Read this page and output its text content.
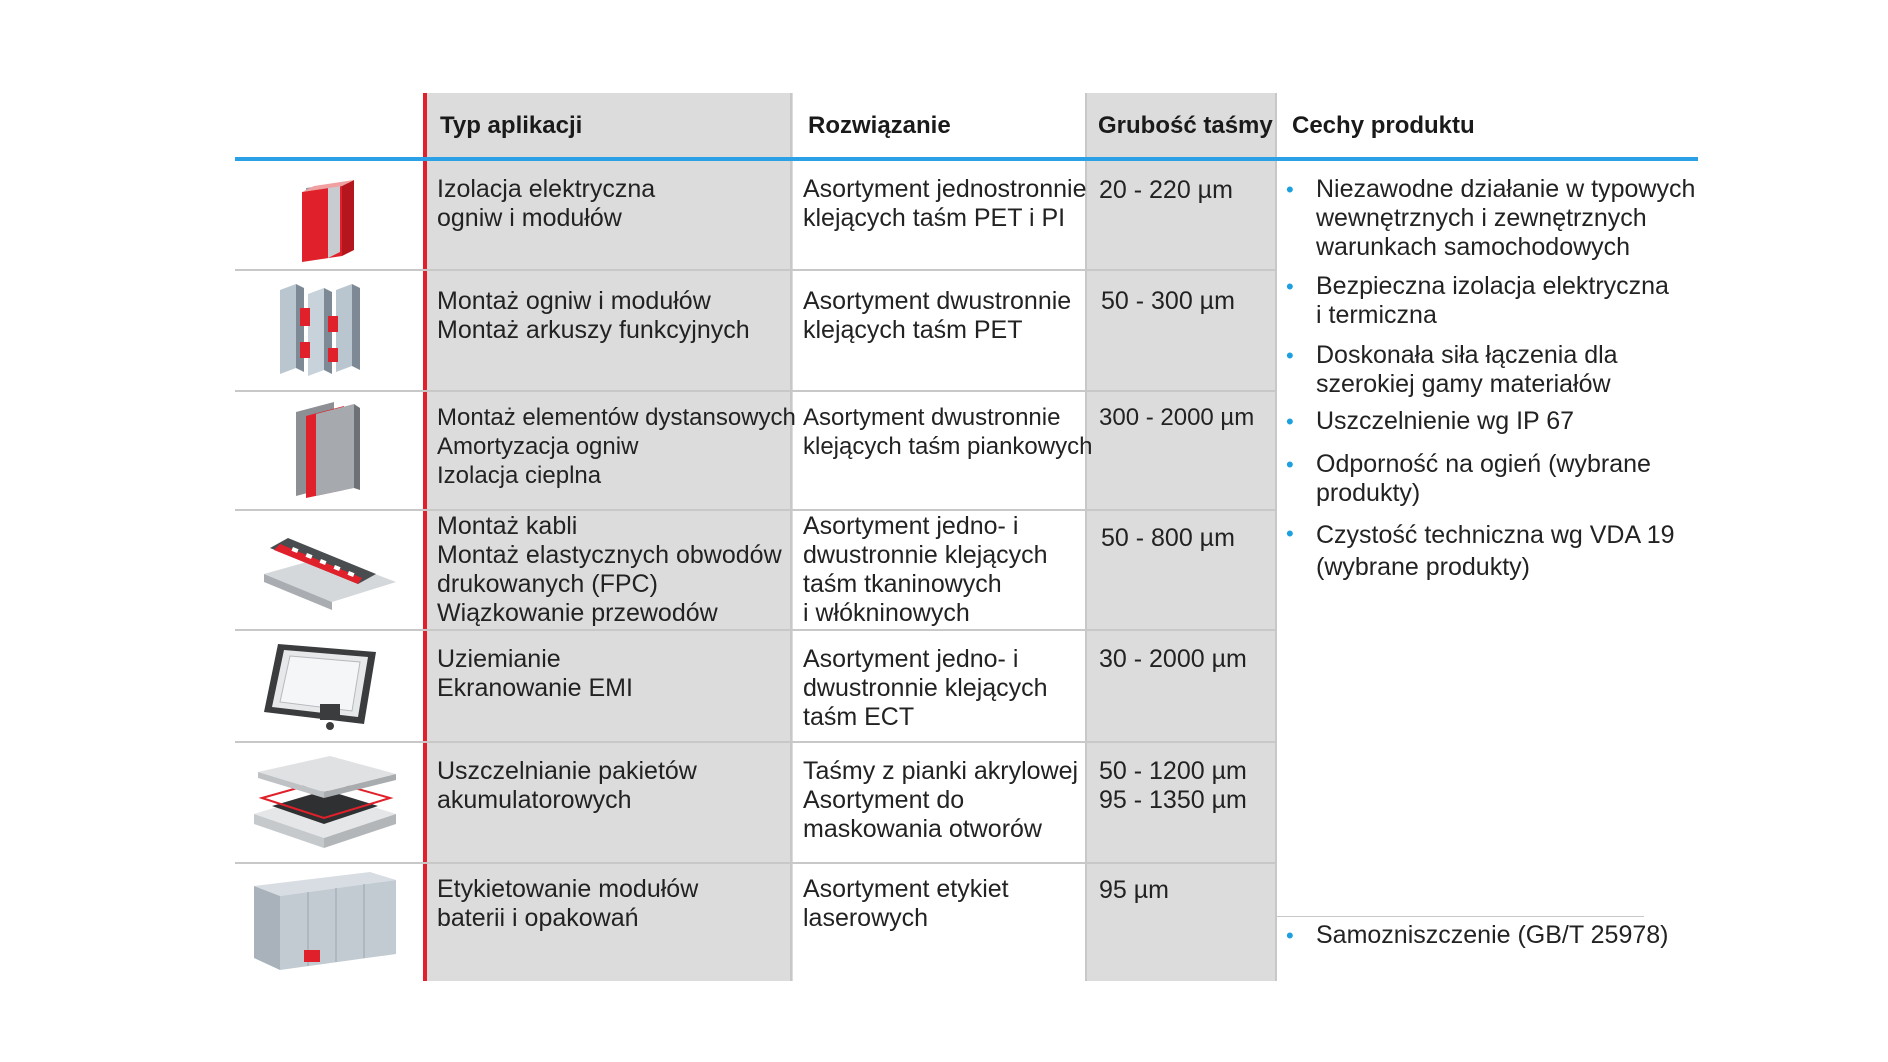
Typ aplikacji	Rozwiązanie	Grubość taśmy Cechy produktu
Izolacja elektryczna
ogniw i modułów
Asortyment jednostronnie
klejących taśm PET i PI
20 - 220 µm
Montaż ogniw i modułów
Montaż arkuszy funkcyjnych
Asortyment dwustronnie
klejących taśm PET
50 - 300 µm
Montaż elementów dystansowych
Amortyzacja ogniw
Izolacja cieplna
Asortyment dwustronnie
klejących taśm piankowych
300 - 2000 µm
Montaż kabli
Montaż elastycznych obwodów
drukowanych (FPC)
Wiązkowanie przewodów
Asortyment jedno- i
dwustronnie klejących
taśm tkaninowych
i włókninowych
50 - 800 µm
Uziemianie
Ekranowanie EMI
Asortyment jedno- i
dwustronnie klejących
taśm ECT
30 - 2000 µm
Uszczelnianie pakietów
akumulatorowych
Taśmy z pianki akrylowej
Asortyment do
maskowania otworów
50 - 1200 µm
95 - 1350 µm
Etykietowanie modułów
baterii i opakowań
Asortyment etykiet
laserowych
95 µm
• Niezawodne działanie w typowych
wewnętrznych i zewnętrznych
warunkach samochodowych
• Bezpieczna izolacja elektryczna
i termiczna
• Doskonała siła łączenia dla
szerokiej gamy materiałów
• Uszczelnienie wg IP 67
• Odporność na ogień (wybrane
produkty)
• Czystość techniczna wg VDA 19
(wybrane produkty)
• Samozniszczenie (GB/T 25978)
